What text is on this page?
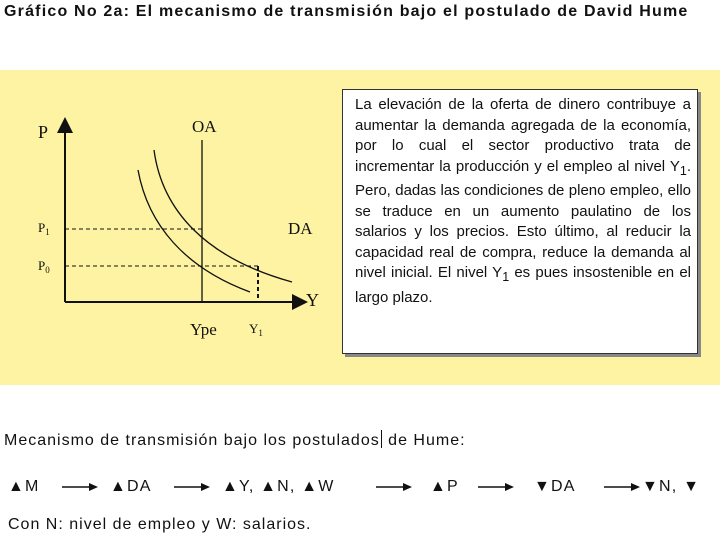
Gráfico No 2a: El mecanismo de transmisión bajo el postulado de David Hume
P
Y
OA
DA
$P_1$
$P_0$
Ype $Y_1$
La elevación de la oferta de dinero contribuye a aumentar la demanda agregada de la economía, por lo cual el sector productivo trata de incrementar la producción y el empleo al nivel $Y_1$. Pero, dadas las condiciones de pleno empleo, ello se traduce en un aumento paulatino de los salarios y los precios. Esto último, al reducir la capacidad real de compra, reduce la demanda al nivel inicial. El nivel $Y_1$ es pues insostenible en el largo plazo.
Mecanismo de transmisión bajo los postulados de Hume:
▲M	▲DA	▲Y, ▲N, ▲W	▲P	▼DA	▼N, ▼
Con N: nivel de empleo y W: salarios.
